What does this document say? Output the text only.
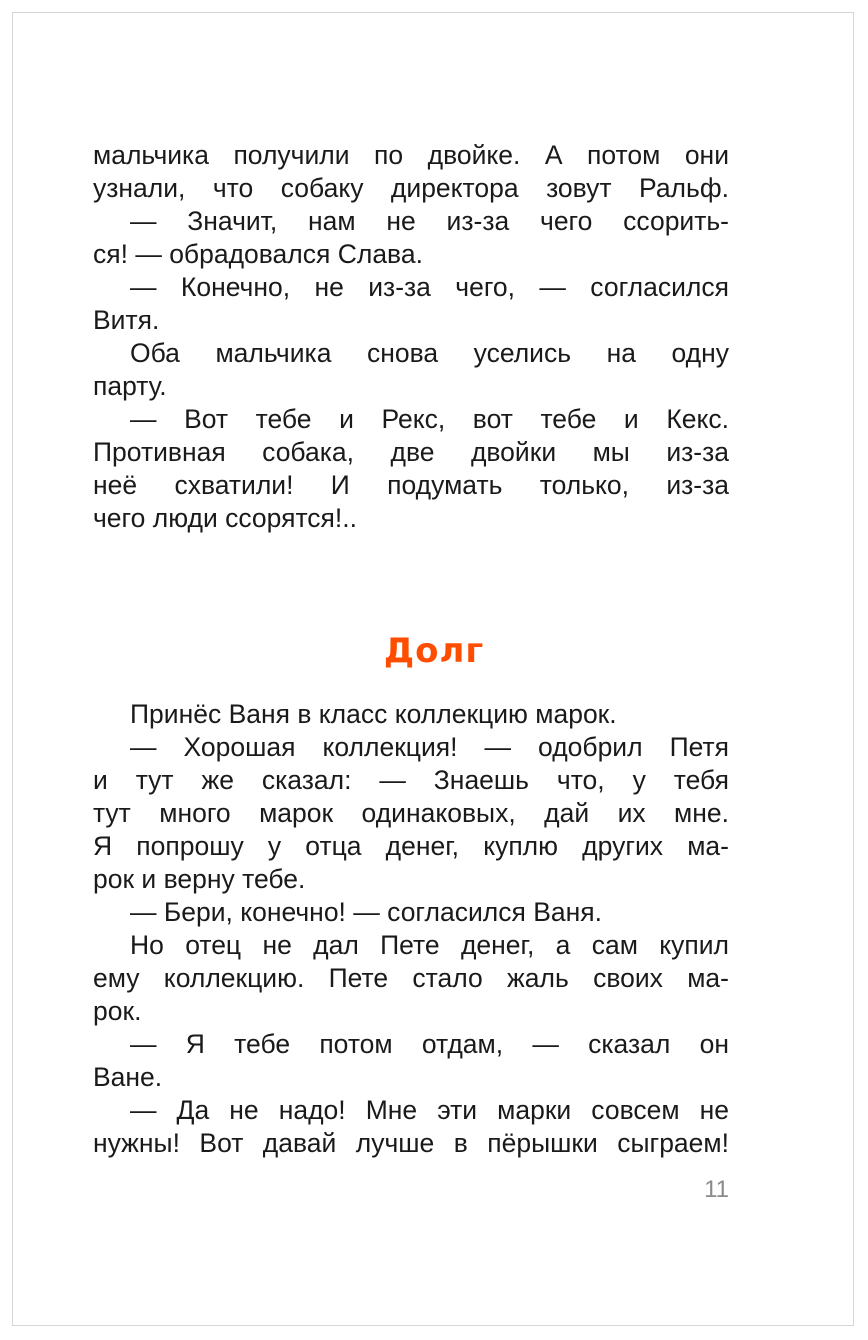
мальчика получили по двойке. А потом они
узнали, что собаку директора зовут Ральф.
— Значит, нам не из-за чего ссорить-
ся! — обрадовался Слава.
— Конечно, не из-за чего, — согласился
Витя.
Оба мальчика снова уселись на одну
парту.
— Вот тебе и Рекс, вот тебе и Кекс.
Противная собака, две двойки мы из-за
неё схватили! И подумать только, из-за
чего люди ссорятся!..
Долг
Принёс Ваня в класс коллекцию марок.
— Хорошая коллекция! — одобрил Петя
и тут же сказал: — Знаешь что, у тебя
тут много марок одинаковых, дай их мне.
Я попрошу у отца денег, куплю других ма-
рок и верну тебе.
— Бери, конечно! — согласился Ваня.
Но отец не дал Пете денег, а сам купил
ему коллекцию. Пете стало жаль своих ма-
рок.
— Я тебе потом отдам, — сказал он
Ване.
— Да не надо! Мне эти марки совсем не
нужны! Вот давай лучше в пёрышки сыграем!
11
